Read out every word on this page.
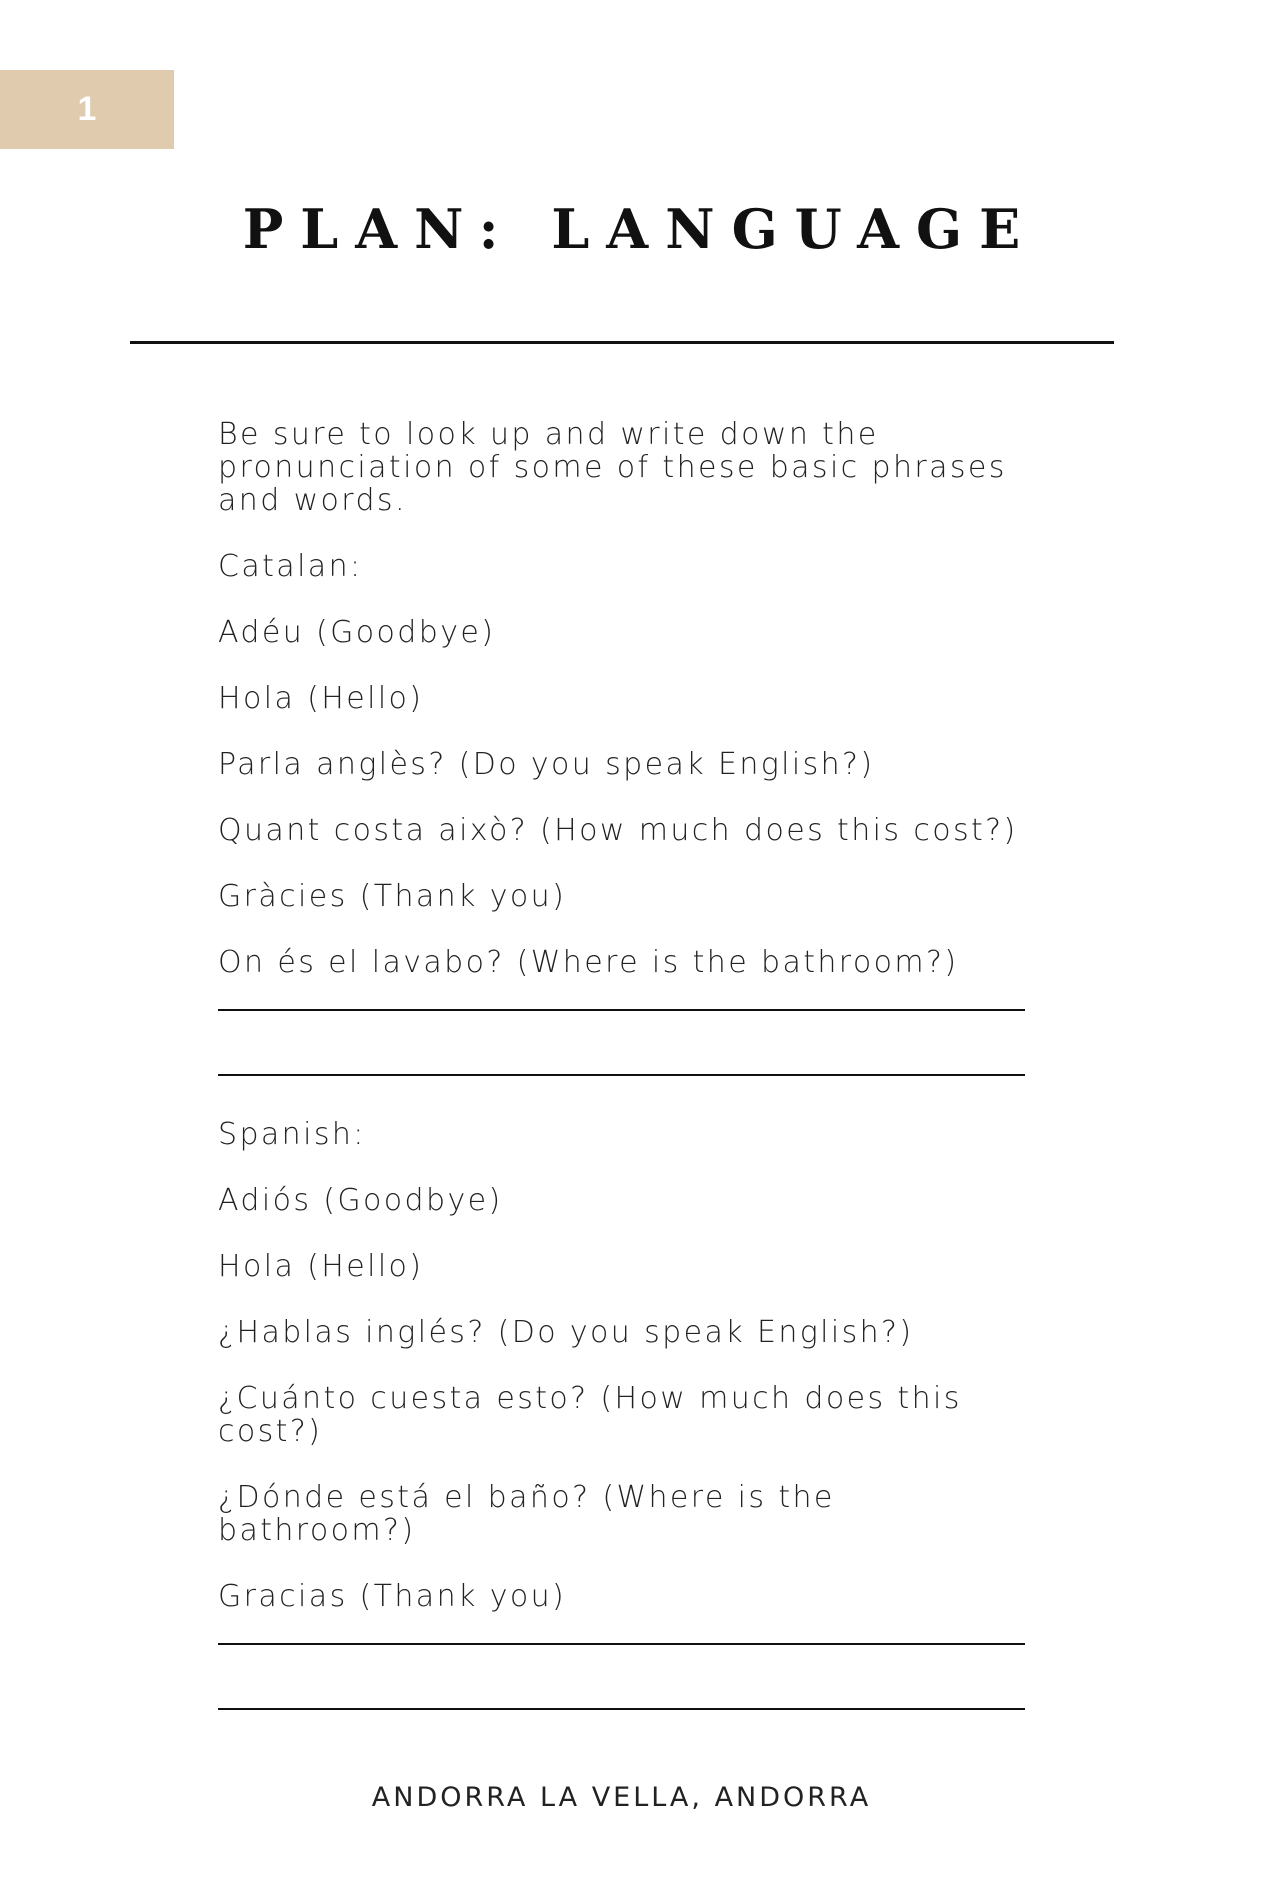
1
PLAN: LANGUAGE

Be sure to look up and write down the pronunciation of some of these basic phrases and words.

Catalan:

Adéu (Goodbye)

Hola (Hello)

Parla anglès? (Do you speak English?)

Quant costa això? (How much does this cost?)

Gràcies (Thank you)

On és el lavabo? (Where is the bathroom?)

Spanish:

Adiós (Goodbye)

Hola (Hello)

¿Hablas inglés? (Do you speak English?)

¿Cuánto cuesta esto? (How much does this cost?)

¿Dónde está el baño? (Where is the bathroom?)

Gracias (Thank you)

ANDORRA LA VELLA, ANDORRA
